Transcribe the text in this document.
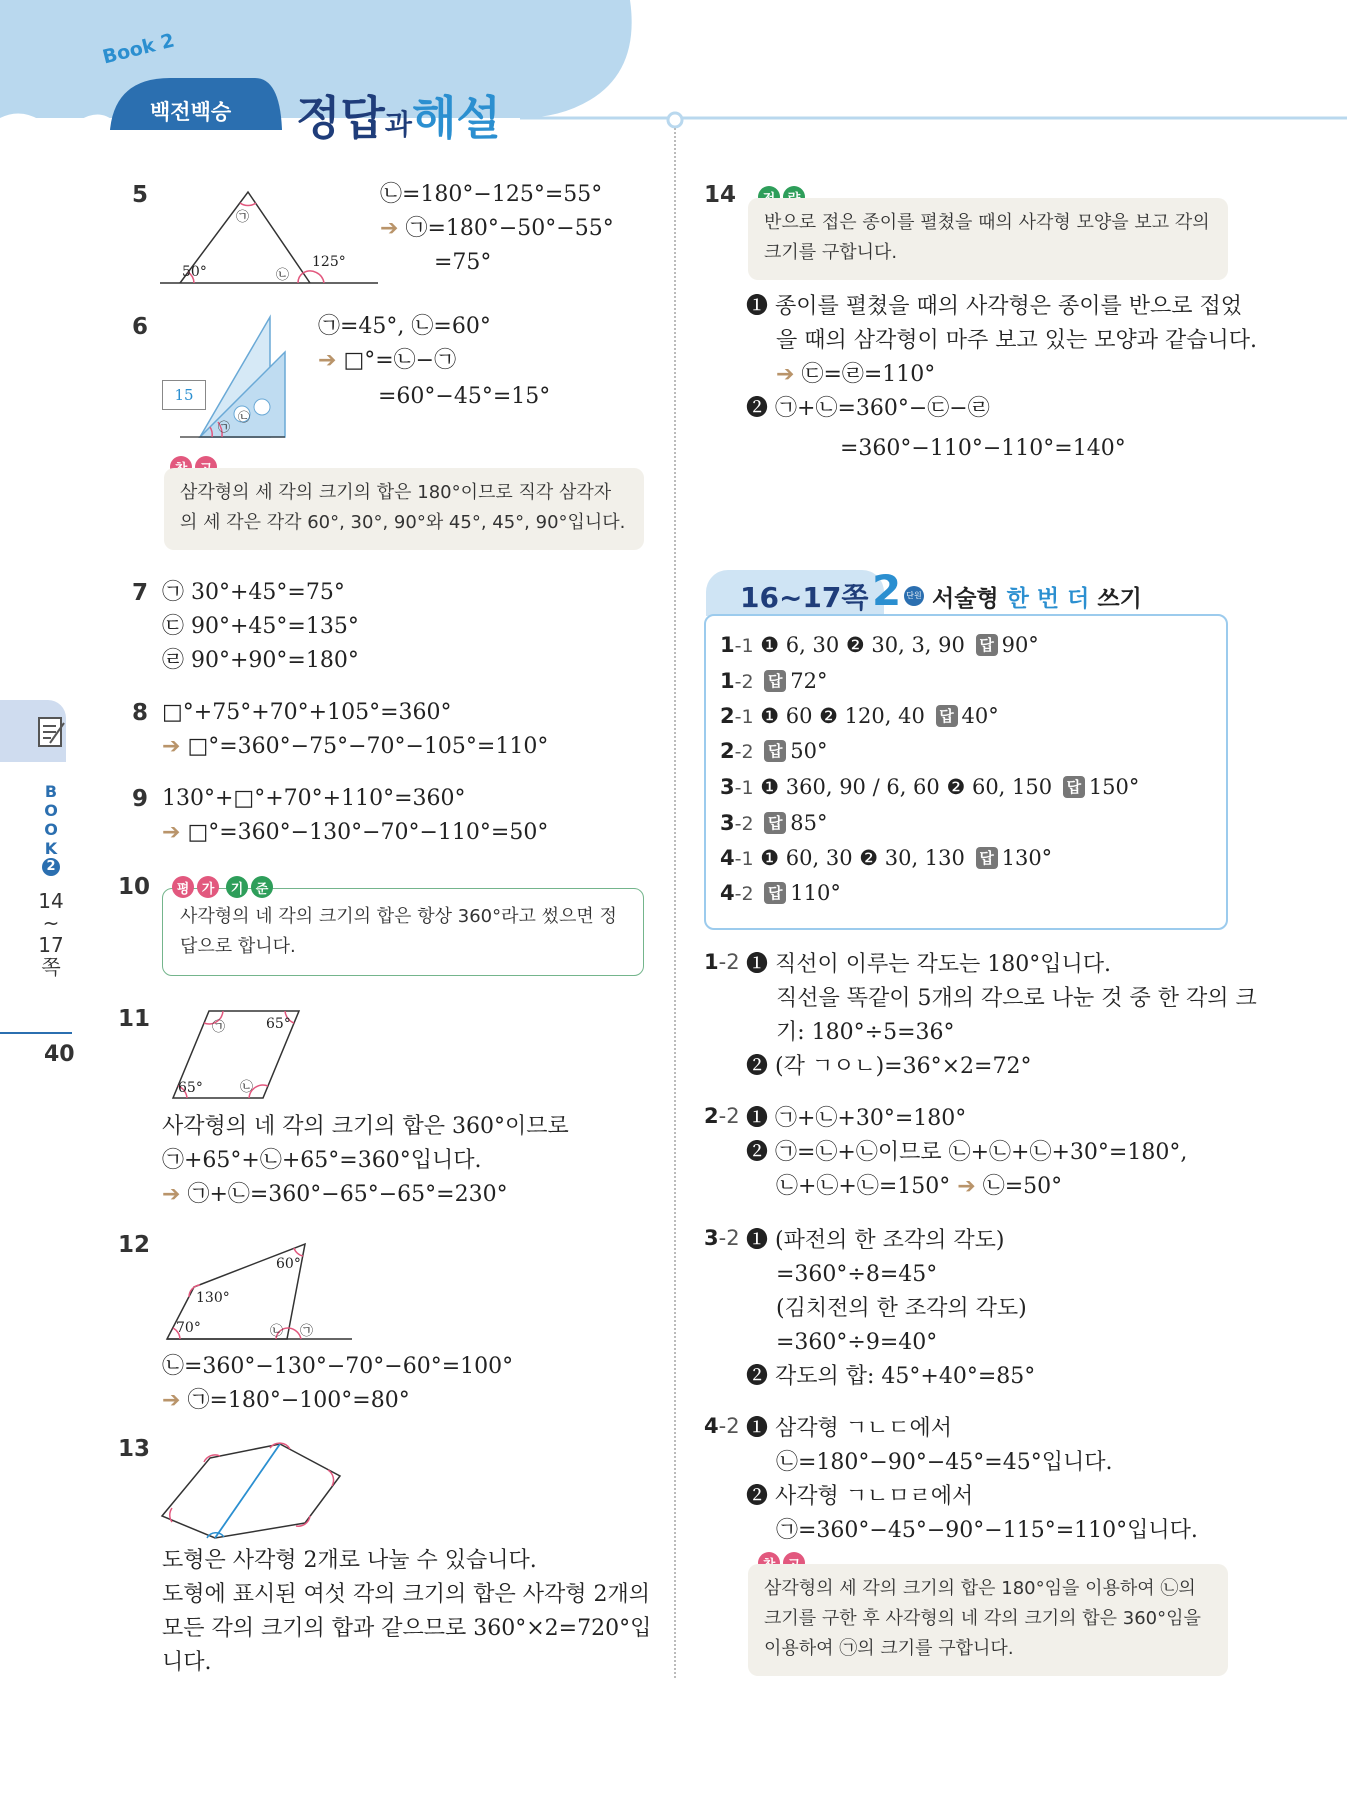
Book 2
백전백승 정답과해설
BOOK
2
14
~
17
쪽
40
5
㉠
㉡
50°
125°
㉡=180°−125°=55°
➔ ㉠=180°−50°−55°
=75°
6
15
㉠
㉡
㉠=45°, ㉡=60°
➔ □°=㉡−㉠
=60°−45°=15°
삼각형의 세 각의 크기의 합은 180°이므로 직각 삼각자의 세 각은 각각 60°, 30°, 90°와 45°, 45°, 90°입니다.
7 ㉠ 30°+45°=75°
㉢ 90°+45°=135°
㉣ 90°+90°=180°
8 □°+75°+70°+105°=360°
➔ □°=360°−75°−70°−105°=110°
9 130°+□°+70°+110°=360°
➔ □°=360°−130°−70°−110°=50°
10	평 가	기 준
사각형의 네 각의 크기의 합은 항상 360°라고 썼으면 정답으로 합니다.
11	㉠	65°
65°	㉡
사각형의 네 각의 크기의 합은 360°이므로
㉠+65°+㉡+65°=360°입니다.
➔ ㉠+㉡=360°−65°−65°=230°
12
60°
130°
70°	㉠
㉡
㉡=360°−130°−70°−60°=100°
➔ ㉠=180°−100°=80°
13
도형은 사각형 2개로 나눌 수 있습니다.
도형에 표시된 여섯 각의 크기의 합은 사각형 2개의
모든 각의 크기의 합과 같으므로 360°×2=720°입
니다.
14
반으로 접은 종이를 펼쳤을 때의 사각형 모양을 보고 각의 크기를 구합니다.
❶ 종이를 펼쳤을 때의 사각형은 종이를 반으로 접었
을 때의 삼각형이 마주 보고 있는 모양과 같습니다.
➔ ㉢=㉣=110°
❷ ㉠+㉡=360°−㉢−㉣
=360°−110°−110°=140°
16~17쪽 2 단원 서술형 한 번 더 쓰기
1-1 ❶ 6, 30 ❷ 30, 3, 90 답 90°
1-2 답 72°
2-1 ❶ 60 ❷ 120, 40 답 40°
2-2 답 50°
3-1 ❶ 360, 90 / 6, 60 ❷ 60, 150 답 150°
3-2 답 85°
4-1 ❶ 60, 30 ❷ 30, 130 답 130°
4-2 답 110°
1-2 ❶ 직선이 이루는 각도는 180°입니다.
직선을 똑같이 5개의 각으로 나눈 것 중 한 각의 크
기: 180°÷5=36°
❷ (각 ㄱㅇㄴ)=36°×2=72°
2-2 ❶ ㉠+㉡+30°=180°
❷ ㉠=㉡+㉡이므로 ㉡+㉡+㉡+30°=180°,
㉡+㉡+㉡=150° ➔ ㉡=50°
3-2 ❶ (파전의 한 조각의 각도)
=360°÷8=45°
(김치전의 한 조각의 각도)
=360°÷9=40°
❷ 각도의 합: 45°+40°=85°
4-2 ❶ 삼각형 ㄱㄴㄷ에서
㉡=180°−90°−45°=45°입니다.
❷ 사각형 ㄱㄴㅁㄹ에서
㉠=360°−45°−90°−115°=110°입니다.
삼각형의 세 각의 크기의 합은 180°임을 이용하여 ㉡의 크기를 구한 후 사각형의 네 각의 크기의 합은 360°임을 이용하여 ㉠의 크기를 구합니다.
